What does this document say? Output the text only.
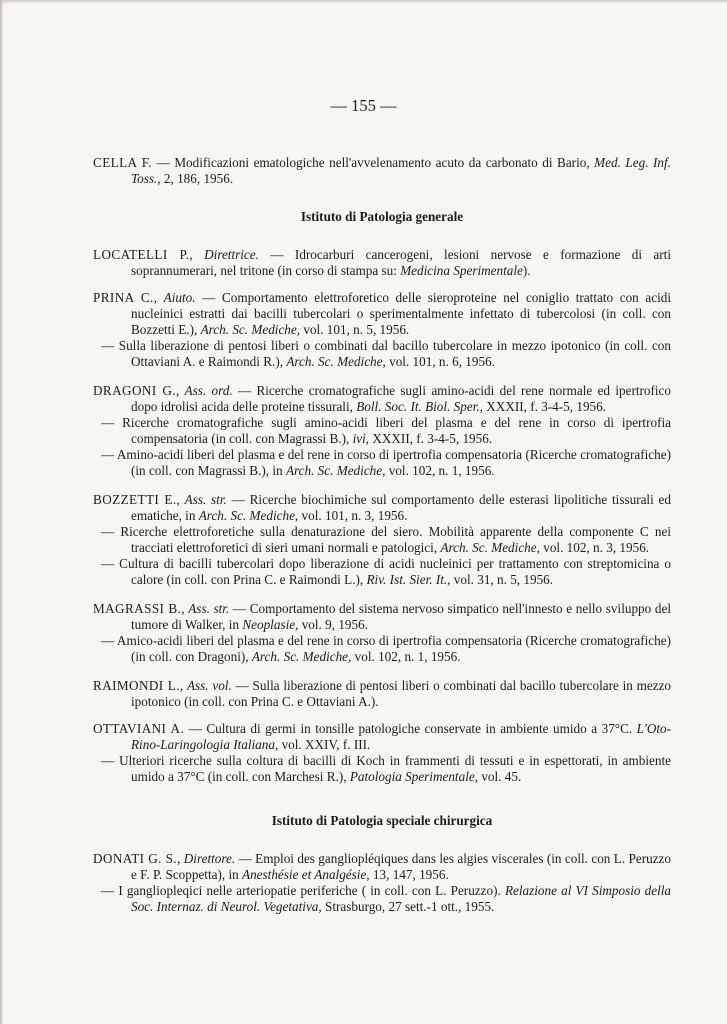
— 155 —

CELLA F. — Modificazioni ematologiche nell'avvelenamento acuto da carbonato di Bario, Med. Leg. Inf. Toss., 2, 186, 1956.

Istituto di Patologia generale

LOCATELLI P., Direttrice. — Idrocarburi cancerogeni, lesioni nervose e formazione di arti soprannumerari, nel tritone (in corso di stampa su: Medicina Sperimentale).

PRINA C., Aiuto. — Comportamento elettroforetico delle sieroproteine nel coniglio trattato con acidi nucleinici estratti dai bacilli tubercolari o sperimentalmente infettato di tubercolosi (in coll. con Bozzetti E.), Arch. Sc. Mediche, vol. 101, n. 5, 1956.

— Sulla liberazione di pentosi liberi o combinati dal bacillo tubercolare in mezzo ipotonico (in coll. con Ottaviani A. e Raimondi R.), Arch. Sc. Mediche, vol. 101, n. 6, 1956.

DRAGONI G., Ass. ord. — Ricerche cromatografiche sugli amino-acidi del rene normale ed ipertrofico dopo idrolisi acida delle proteine tissurali, Boll. Soc. It. Biol. Sper., XXXII, f. 3-4-5, 1956.

— Ricerche cromatografiche sugli amino-acidi liberi del plasma e del rene in corso di ipertrofia compensatoria (in coll. con Magrassi B.), ivi, XXXII, f. 3-4-5, 1956.

— Amino-acidi liberi del plasma e del rene in corso di ipertrofia compensatoria (Ricerche cromatografiche) (in coll. con Magrassi B.), in Arch. Sc. Mediche, vol. 102, n. 1, 1956.

BOZZETTI E., Ass. str. — Ricerche biochimiche sul comportamento delle esterasi lipolitiche tissurali ed ematiche, in Arch. Sc. Mediche, vol. 101, n. 3, 1956.

— Ricerche elettroforetiche sulla denaturazione del siero. Mobilità apparente della componente C nei tracciati elettroforetici di sieri umani normali e patologici, Arch. Sc. Mediche, vol. 102, n. 3, 1956.

— Cultura di bacilli tubercolari dopo liberazione di acidi nucleinici per trattamento con streptomicina o calore (in coll. con Prina C. e Raimondi L.), Riv. Ist. Sier. It., vol. 31, n. 5, 1956.

MAGRASSI B., Ass. str. — Comportamento del sistema nervoso simpatico nell'innesto e nello sviluppo del tumore di Walker, in Neoplasie, vol. 9, 1956.

— Amico-acidi liberi del plasma e del rene in corso di ipertrofia compensatoria (Ricerche cromatografiche) (in coll. con Dragoni), Arch. Sc. Mediche, vol. 102, n. 1, 1956.

RAIMONDI L., Ass. vol. — Sulla liberazione di pentosi liberi o combinati dal bacillo tubercolare in mezzo ipotonico (in coll. con Prina C. e Ottaviani A.).

OTTAVIANI A. — Cultura di germi in tonsille patologiche conservate in ambiente umido a 37°C. L'Oto-Rino-Laringologia Italiana, vol. XXIV, f. III.

— Ulteriori ricerche sulla coltura di bacilli di Koch in frammenti di tessuti e in espettorati, in ambiente umido a 37°C (in coll. con Marchesi R.), Patologia Sperimentale, vol. 45.

Istituto di Patologia speciale chirurgica

DONATI G. S., Direttore. — Emploi des gangliopléqiques dans les algies viscerales (in coll. con L. Peruzzo e F. P. Scoppetta), in Anesthésie et Analgésie, 13, 147, 1956.

— I gangliopleqici nelle arteriopatie periferiche ( in coll. con L. Peruzzo). Relazione al VI Simposio della Soc. Internaz. di Neurol. Vegetativa, Strasburgo, 27 sett.-1 ott., 1955.
